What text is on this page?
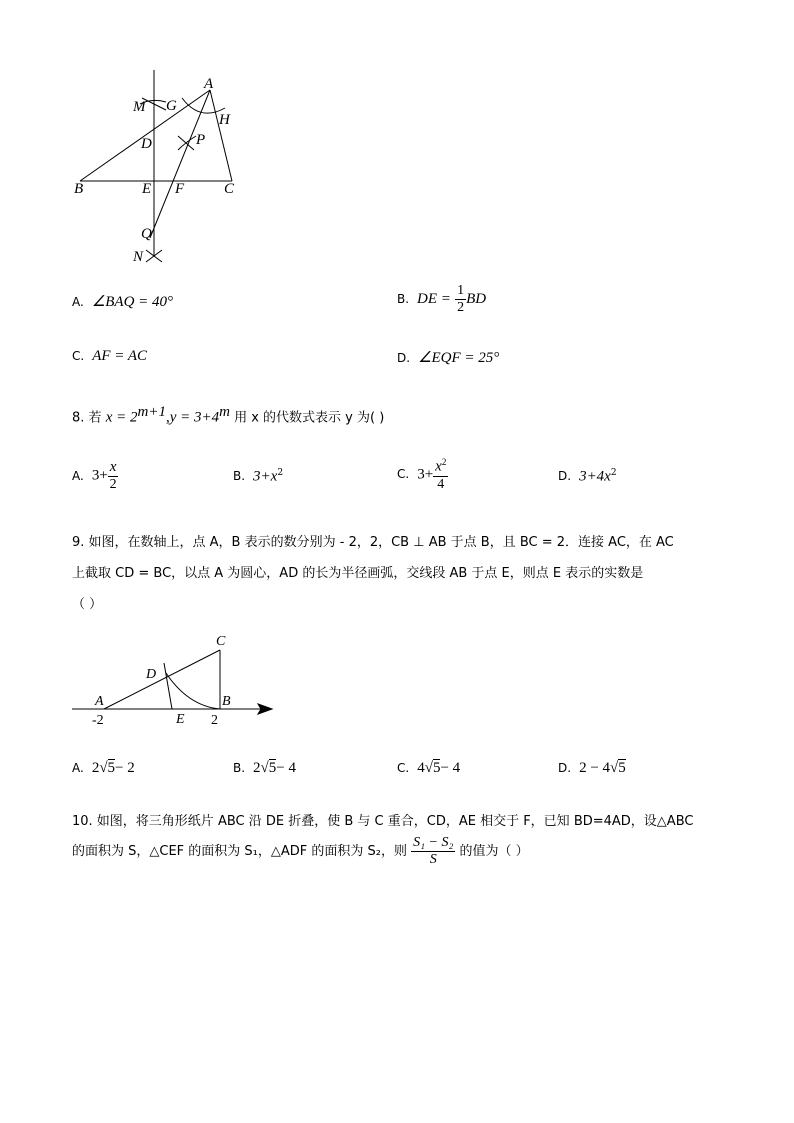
A
M G
H
D	P
B	E F	C
Q
N
A. ∠BAQ = 40°	B. DE = $\frac{1}{2}$ BD
C. AF = AC	D. ∠EQF = 25°
8. 若 $x = 2^{m+1},y = 3+4^m$ 用 x 的代数式表示 y 为( )
A. $3+ \frac{x}{2}$	B. $3+x^2$	C. $3+ \frac{x^2}{4}$	D. $3+4x^2$
9. 如图，在数轴上，点 A，B 表示的数分别为 - 2，2，CB ⊥ AB 于点 B，且 BC = 2．连接 AC，在 AC
上截取 CD = BC，以点 A 为圆心，AD 的长为半径画弧，交线段 AB 于点 E，则点 E 表示的实数是
（ ）
C
D
A	B
E
-2	2
A. 2√5− 2	B. 2√5− 4	C. 4√5− 4	D. 2 − 4√5
10. 如图，将三角形纸片 ABC 沿 DE 折叠，使 B 与 C 重合，CD，AE 相交于 F，已知 BD=4AD，设△ABC
的面积为 S，△CEF 的面积为 S₁，△ADF 的面积为 S₂，则 $\frac{\text{S₁ − S₂}}{S}$ 的值为（ ）
